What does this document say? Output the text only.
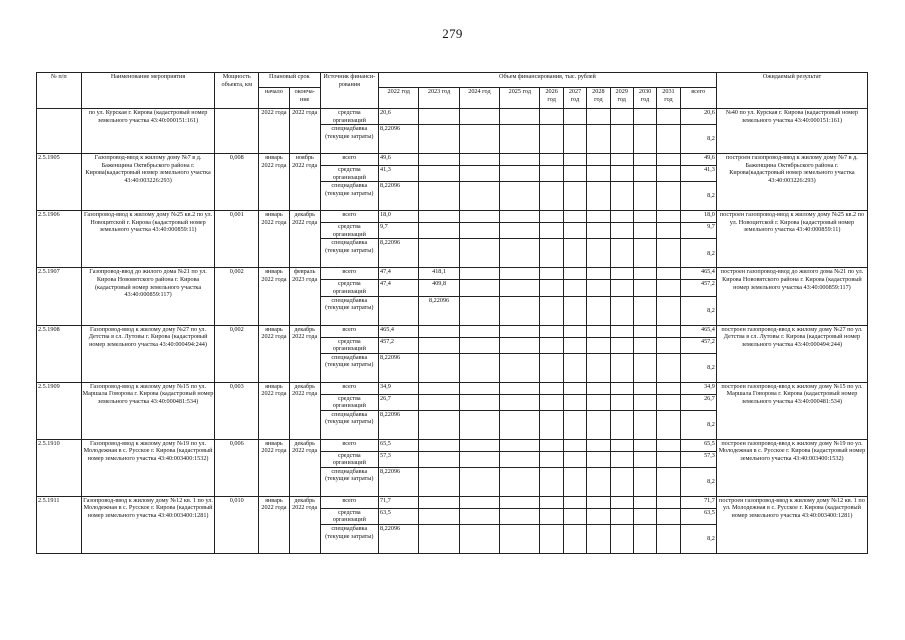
279
№ п/п	Наименование мероприятия	Мощность объекта, км	Плановый срок		Источник финанси-рования	Объем финансирования, тыс. рублей											Ожидаемый результат
			начало	оконча-ние		2022 год	2023 год	2024 год	2025 год	2026 год	2027 год	2028 год	2029 год	2030 год	2031 год	всего	
	по ул. Курская г. Кирова (кадастровый номер земельного участка 43:40:000151:161)		2022 года	2022 года	средства организаций	20,6										20,6	№40 по ул. Курская г. Кирова (кадастровый номер земельного участка 43:40:000151:161)
					спецнадбавка (текущие затраты)	8,22096										8,2	
2.5.1905	Газопровод-ввод к жилому дому №7 в д. Баженщина Октябрьского района г. Кирова(кадастровый номер земельного участка 43:40:003226:293)	0,008	январь 2022 года	ноябрь 2022 года	всего	49,6										49,6	построен газопровод-ввод к жилому дому №7 в д. Баженщина Октябрьского района г. Кирова(кадастровый номер земельного участка 43:40:003226:293)
					средства организаций	41,3										41,3	
					спецнадбавка (текущие затраты)	8,22096										8,2	
2.5.1906	Газопровод-ввод к жилому дому №25 кв.2 по ул. Новоцитской г. Кирова (кадастровый номер земельного участка 43:40:000859:11)	0,001	январь 2022 года	декабрь 2022 года	всего	18,0										18,0	построен газопровод-ввод к жилому дому №25 кв.2 по ул. Новоцитской г. Кирова (кадастровый номер земельного участка 43:40:000859:11)
					средства организаций	9,7										9,7	
					спецнадбавка (текущие затраты)	8,22096										8,2	
2.5.1907	Газопровод-ввод до жилого дома №21 по ул. Кирова Нововятского района г. Кирова (кадастровый номер земельного участка 43:40:000859:117)	0,002	январь 2022 года	февраль 2023 года	всего	47,4	418,1									465,4	построен газопровод-ввод до жилого дома №21 по ул. Кирова Нововятского района г. Кирова (кадастровый номер земельного участка 43:40:000859:117)
					средства организаций	47,4	409,8									457,2	
					спецнадбавка (текущие затраты)		8,22096									8,2	
2.5.1908	Газопровод-ввод к жилому дому №27 по ул. Детства в сл. Лутовы г. Кирова (кадастровый номер земельного участка 43:40:000494:244)	0,002	январь 2022 года	декабрь 2022 года	всего	465,4										465,4	построен газопровод-ввод к жилому дому №27 по ул. Детства в сл. Лутовы г. Кирова (кадастровый номер земельного участка 43:40:000494:244)
					средства организаций	457,2										457,2	
					спецнадбавка (текущие затраты)	8,22096										8,2	
2.5.1909	Газопровод-ввод к жилому дому №15 по ул. Маршала Говорова г. Кирова (кадастровый номер земельного участка 43:40:000481:534)	0,003	январь 2022 года	декабрь 2022 года	всего	34,9										34,9	построен газопровод-ввод к жилому дому №15 по ул. Маршала Говорова г. Кирова (кадастровый номер земельного участка 43:40:000481:534)
					средства организаций	26,7										26,7	
					спецнадбавка (текущие затраты)	8,22096										8,2	
2.5.1910	Газопровод-ввод к жилому дому №19 по ул. Молодежная в с. Русское г. Кирова (кадастровый номер земельного участка 43:40:003400:1532)	0,006	январь 2022 года	декабрь 2022 года	всего	65,5										65,5	построен газопровод-ввод к жилому дому №19 по ул. Молодежная в с. Русское г. Кирова (кадастровый номер земельного участка 43:40:003400:1532)
					средства организаций	57,3										57,3	
					спецнадбавка (текущие затраты)	8,22096										8,2	
2.5.1911	Газопровод-ввод к жилому дому №12 кв. 1 по ул. Молодежная в с. Русское г. Кирова (кадастровый номер земельного участка 43:40:003400:1281)	0,010	январь 2022 года	декабрь 2022 года	всего	71,7										71,7	построен газопровод-ввод к жилому дому №12 кв. 1 по ул. Молодежная в с. Русское г. Кирова (кадастровый номер земельного участка 43:40:003400:1281)
					средства организаций	63,5										63,5	
					спецнадбавка (текущие затраты)	8,22096										8,2	
